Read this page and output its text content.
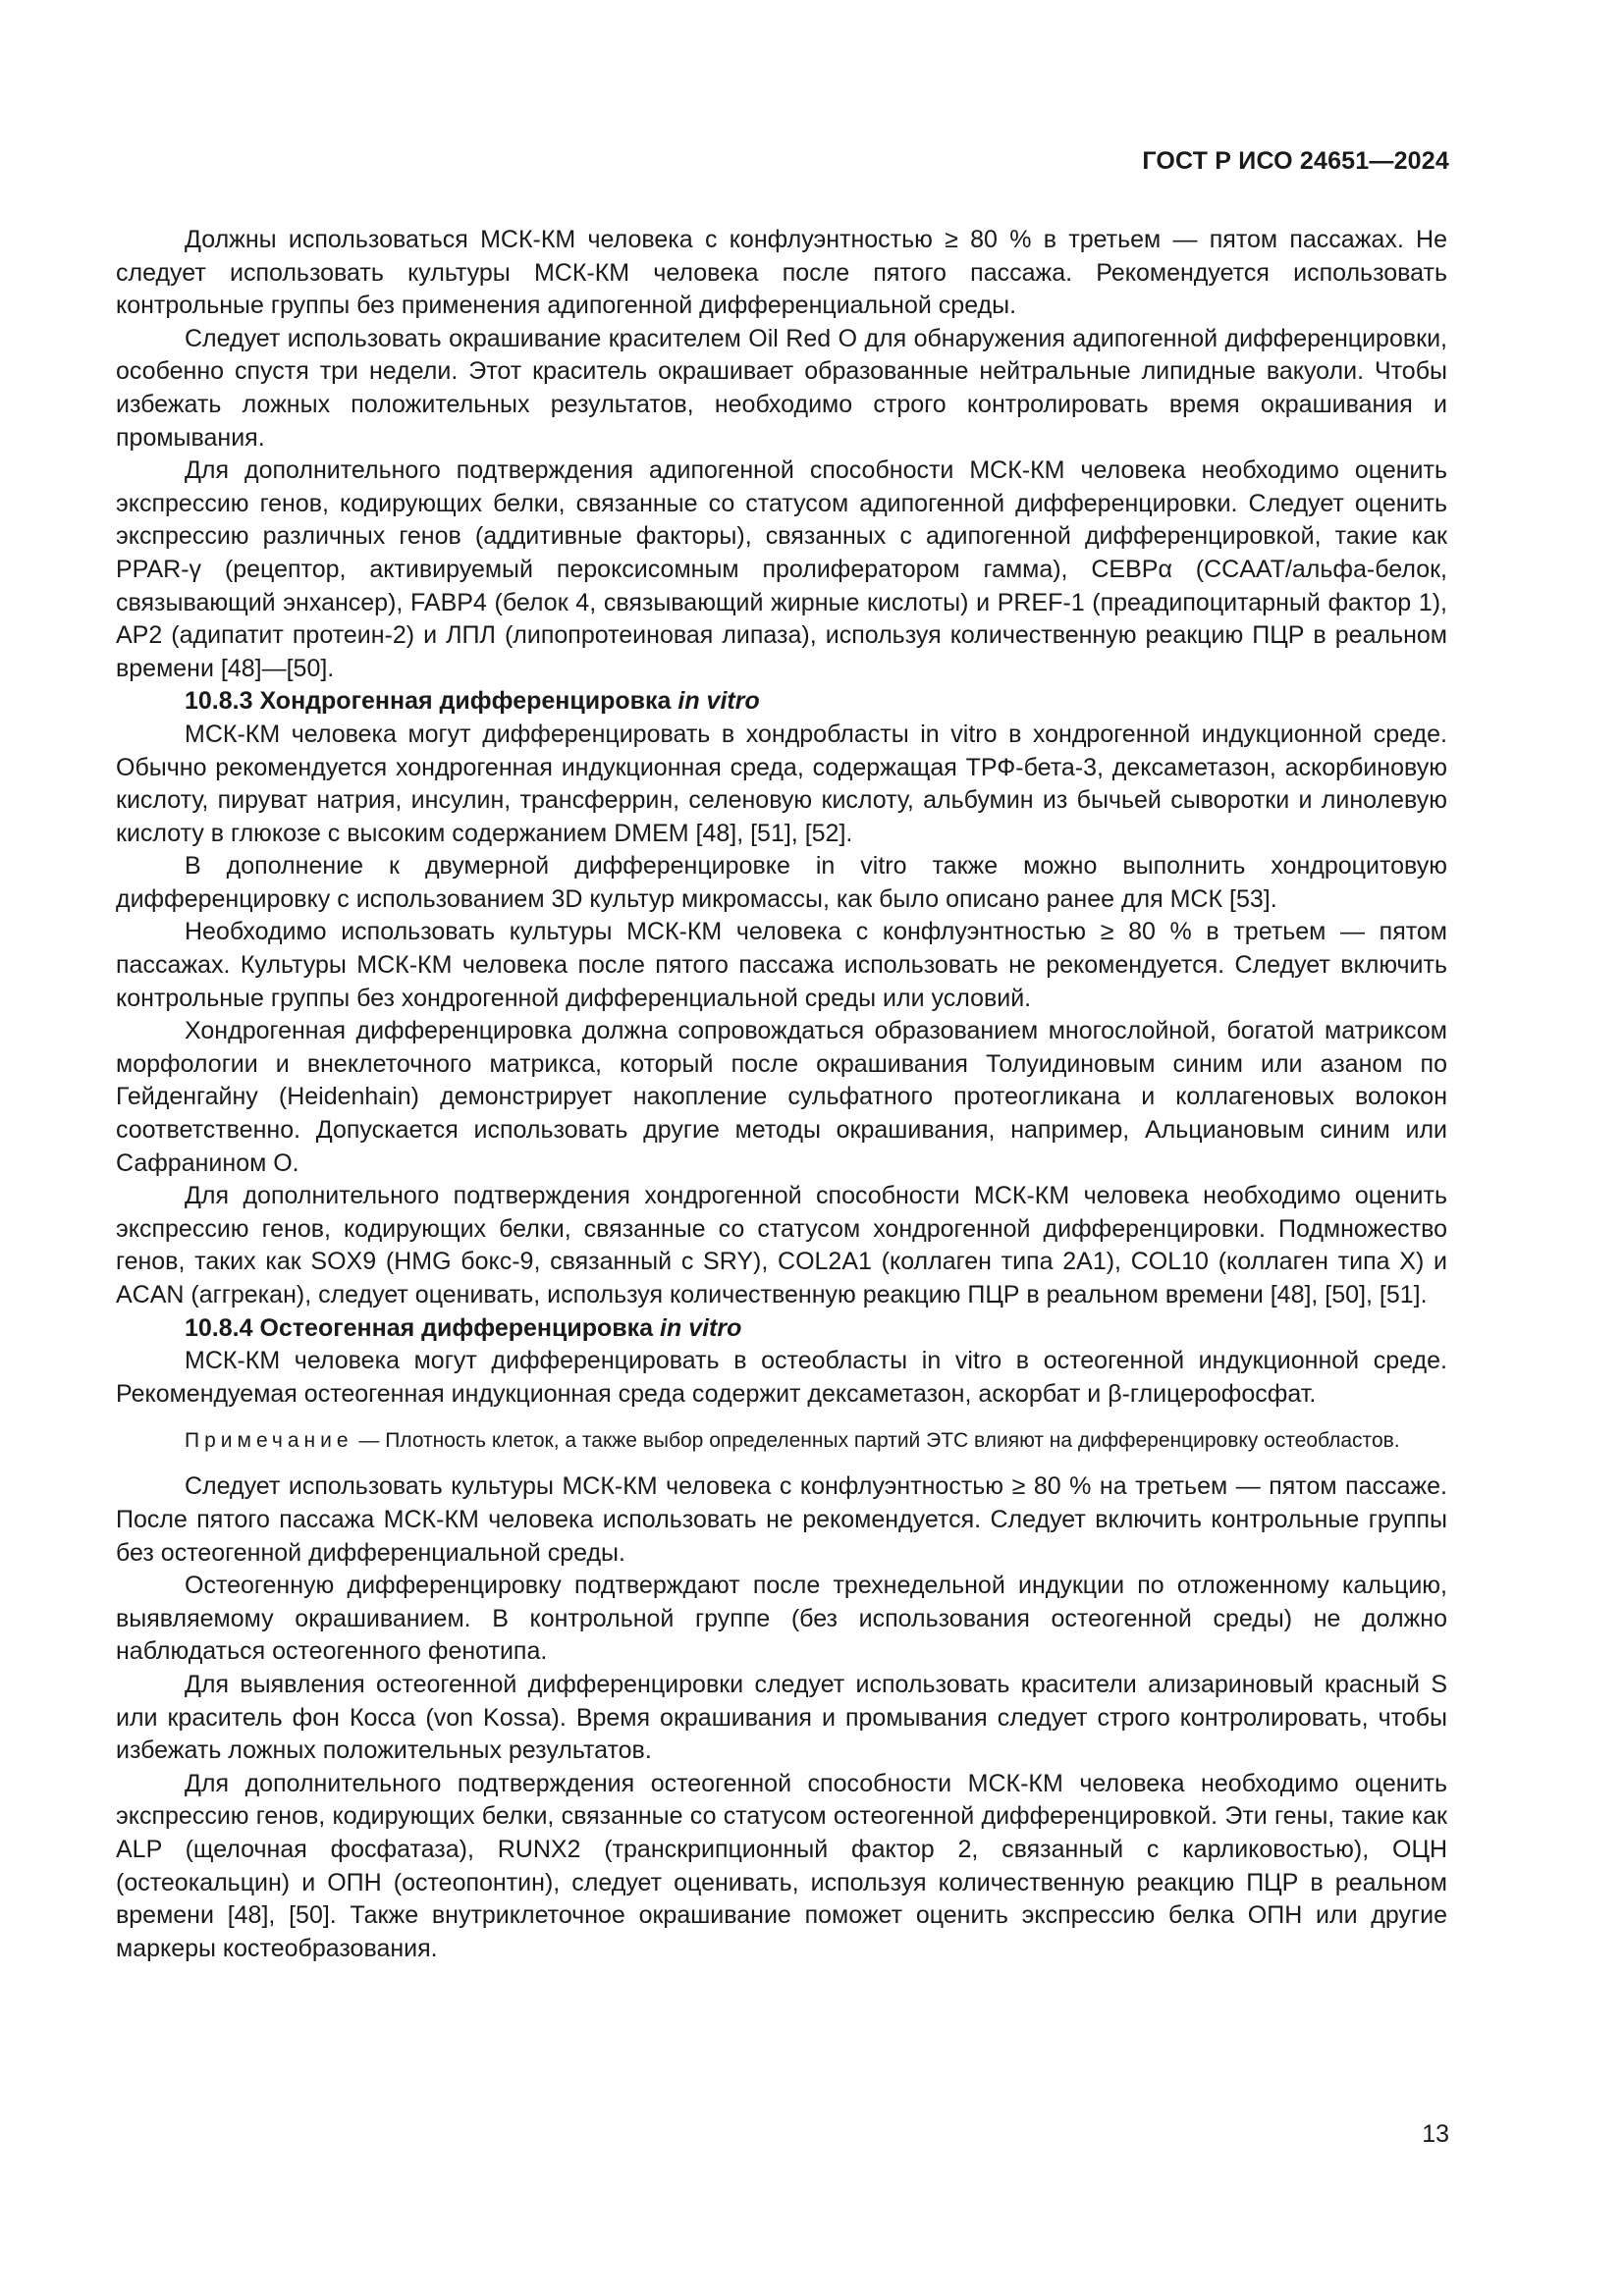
ГОСТ Р ИСО 24651—2024

Должны использоваться МСК-КМ человека с конфлуэнтностью ≥ 80 % в третьем — пятом пассажах. Не следует использовать культуры МСК-КМ человека после пятого пассажа. Рекомендуется использовать контрольные группы без применения адипогенной дифференциальной среды.

Следует использовать окрашивание красителем Oil Red O для обнаружения адипогенной дифференцировки, особенно спустя три недели. Этот краситель окрашивает образованные нейтральные липидные вакуоли. Чтобы избежать ложных положительных результатов, необходимо строго контролировать время окрашивания и промывания.

Для дополнительного подтверждения адипогенной способности МСК-КМ человека необходимо оценить экспрессию генов, кодирующих белки, связанные со статусом адипогенной дифференцировки. Следует оценить экспрессию различных генов (аддитивные факторы), связанных с адипогенной дифференцировкой, такие как PPAR-γ (рецептор, активируемый пероксисомным пролифератором гамма), CEBPα (CCAAT/альфа-белок, связывающий энхансер), FABP4 (белок 4, связывающий жирные кислоты) и PREF-1 (преадипоцитарный фактор 1), AP2 (адипатит протеин-2) и ЛПЛ (липопротеиновая липаза), используя количественную реакцию ПЦР в реальном времени [48]—[50].

10.8.3 Хондрогенная дифференцировка in vitro

МСК-КМ человека могут дифференцировать в хондробласты in vitro в хондрогенной индукционной среде. Обычно рекомендуется хондрогенная индукционная среда, содержащая ТРФ-бета-3, дексаметазон, аскорбиновую кислоту, пируват натрия, инсулин, трансферрин, селеновую кислоту, альбумин из бычьей сыворотки и линолевую кислоту в глюкозе с высоким содержанием DMEM [48], [51], [52].

В дополнение к двумерной дифференцировке in vitro также можно выполнить хондроцитовую дифференцировку с использованием 3D культур микромассы, как было описано ранее для МСК [53].

Необходимо использовать культуры МСК-КМ человека с конфлуэнтностью ≥ 80 % в третьем — пятом пассажах. Культуры МСК-КМ человека после пятого пассажа использовать не рекомендуется. Следует включить контрольные группы без хондрогенной дифференциальной среды или условий.

Хондрогенная дифференцировка должна сопровождаться образованием многослойной, богатой матриксом морфологии и внеклеточного матрикса, который после окрашивания Толуидиновым синим или азаном по Гейденгайну (Heidenhain) демонстрирует накопление сульфатного протеогликана и коллагеновых волокон соответственно. Допускается использовать другие методы окрашивания, например, Альциановым синим или Сафранином О.

Для дополнительного подтверждения хондрогенной способности МСК-КМ человека необходимо оценить экспрессию генов, кодирующих белки, связанные со статусом хондрогенной дифференцировки. Подмножество генов, таких как SOX9 (HMG бокс-9, связанный с SRY), COL2A1 (коллаген типа 2A1), COL10 (коллаген типа X) и ACAN (аггрекан), следует оценивать, используя количественную реакцию ПЦР в реальном времени [48], [50], [51].

10.8.4 Остеогенная дифференцировка in vitro

МСК-КМ человека могут дифференцировать в остеобласты in vitro в остеогенной индукционной среде. Рекомендуемая остеогенная индукционная среда содержит дексаметазон, аскорбат и β-глицерофосфат.

Примечание — Плотность клеток, а также выбор определенных партий ЭТС влияют на дифференцировку остеобластов.

Следует использовать культуры МСК-КМ человека с конфлуэнтностью ≥ 80 % на третьем — пятом пассаже. После пятого пассажа МСК-КМ человека использовать не рекомендуется. Следует включить контрольные группы без остеогенной дифференциальной среды.

Остеогенную дифференцировку подтверждают после трехнедельной индукции по отложенному кальцию, выявляемому окрашиванием. В контрольной группе (без использования остеогенной среды) не должно наблюдаться остеогенного фенотипа.

Для выявления остеогенной дифференцировки следует использовать красители ализариновый красный S или краситель фон Косса (von Kossa). Время окрашивания и промывания следует строго контролировать, чтобы избежать ложных положительных результатов.

Для дополнительного подтверждения остеогенной способности МСК-КМ человека необходимо оценить экспрессию генов, кодирующих белки, связанные со статусом остеогенной дифференцировкой. Эти гены, такие как ALP (щелочная фосфатаза), RUNX2 (транскрипционный фактор 2, связанный с карликовостью), ОЦН (остеокальцин) и ОПН (остеопонтин), следует оценивать, используя количественную реакцию ПЦР в реальном времени [48], [50]. Также внутриклеточное окрашивание поможет оценить экспрессию белка ОПН или другие маркеры костеобразования.

13
